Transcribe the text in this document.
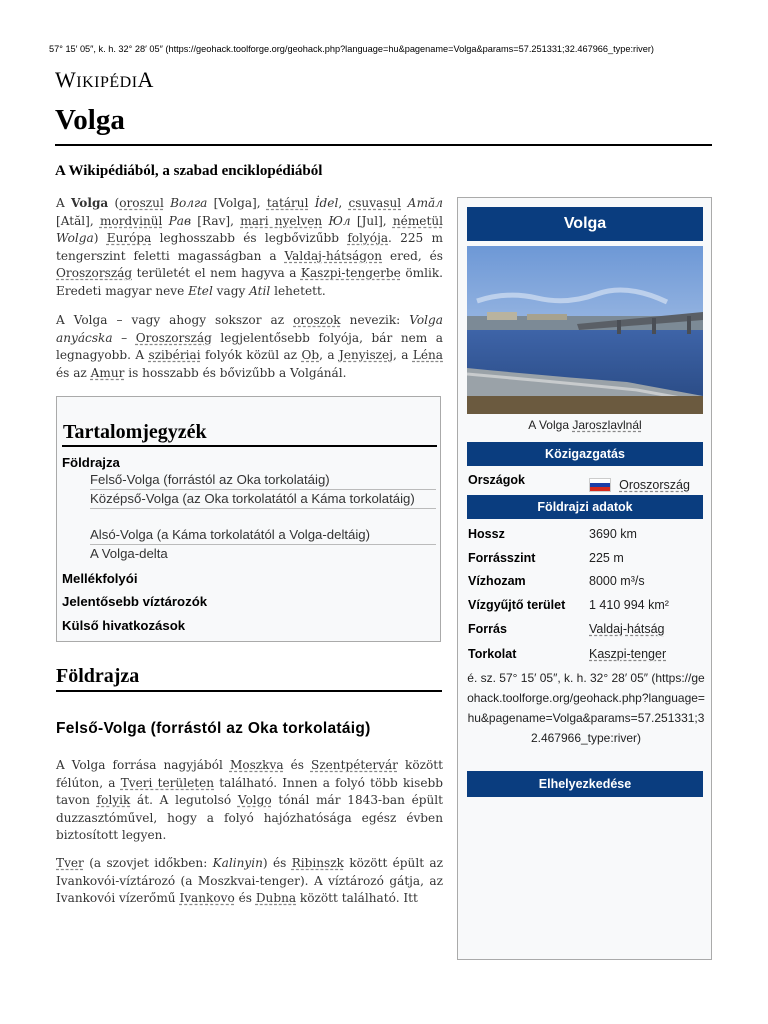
57° 15′ 05″, k. h. 32° 28′ 05″ (https://geohack.toolforge.org/geohack.php?language=hu&pagename=Volga&params=57.251331;32.467966_type:river)
WIKIPÉDIA
Volga
A Wikipédiából, a szabad enciklopédiából

A Volga (oroszul Волга [Volga], tatárul İdel, csuvasul Атӑл [Atăl], mordvinül Рав [Rav], mari nyelven Юл [Jul], németül Wolga) Európa leghosszabb és legbővizűbb folyója. 225 m tengerszint feletti magasságban a Valdaj-hátságon ered, és Oroszország területét el nem hagyva a Kaszpi-tengerbe ömlik. Eredeti magyar neve Etel vagy Atil lehetett.

A Volga – vagy ahogy sokszor az oroszok nevezik: Volga anyácska – Oroszország legjelentősebb folyója, bár nem a legnagyobb. A szibériai folyók közül az Ob, a Jenyiszej, a Léna és az Amur is hosszabb és bővizűbb a Volgánál.

Tartalomjegyzék
Földrajza
Felső-Volga (forrástól az Oka torkolatáig)
Középső-Volga (az Oka torkolatától a Káma torkolatáig)
Alsó-Volga (a Káma torkolatától a Volga-deltáig)
A Volga-delta
Mellékfolyói
Jelentősebb víztározók
Külső hivatkozások
Földrajza
Felső-Volga (forrástól az Oka torkolatáig)

A Volga forrása nagyjából Moszkva és Szentpétervár között félúton, a Tveri területen található. Innen a folyó több kisebb tavon folyik át. A legutolsó Volgo tónál már 1843-ban épült duzzasztóművel, hogy a folyó hajózhatósága egész évben biztosított legyen.

Tver (a szovjet időkben: Kalinyin) és Ribinszk között épült az Ivankovói-víztározó (a Moszkvai-tenger). A víztározó gátja, az Ivankovói vízerőmű Ivankovo és Dubna között található. Itt

Volga
A Volga Jaroszlavlnál
Közigazgatás
Országok	Oroszország
Földrajzi adatok
Hossz	3690 km
Forrásszint	225 m
Vízhozam	8000 m³/s
Vízgyűjtő terület 1 410 994 km²
Forrás	Valdaj-hátság
Torkolat	Kaszpi-tenger
é. sz. 57° 15′ 05″, k. h. 32° 28′ 05″ (https://geohack.toolforge.org/geohack.php?language=hu&pagename=Volga&params=57.251331;32.467966_type:river)
Elhelyezkedése
